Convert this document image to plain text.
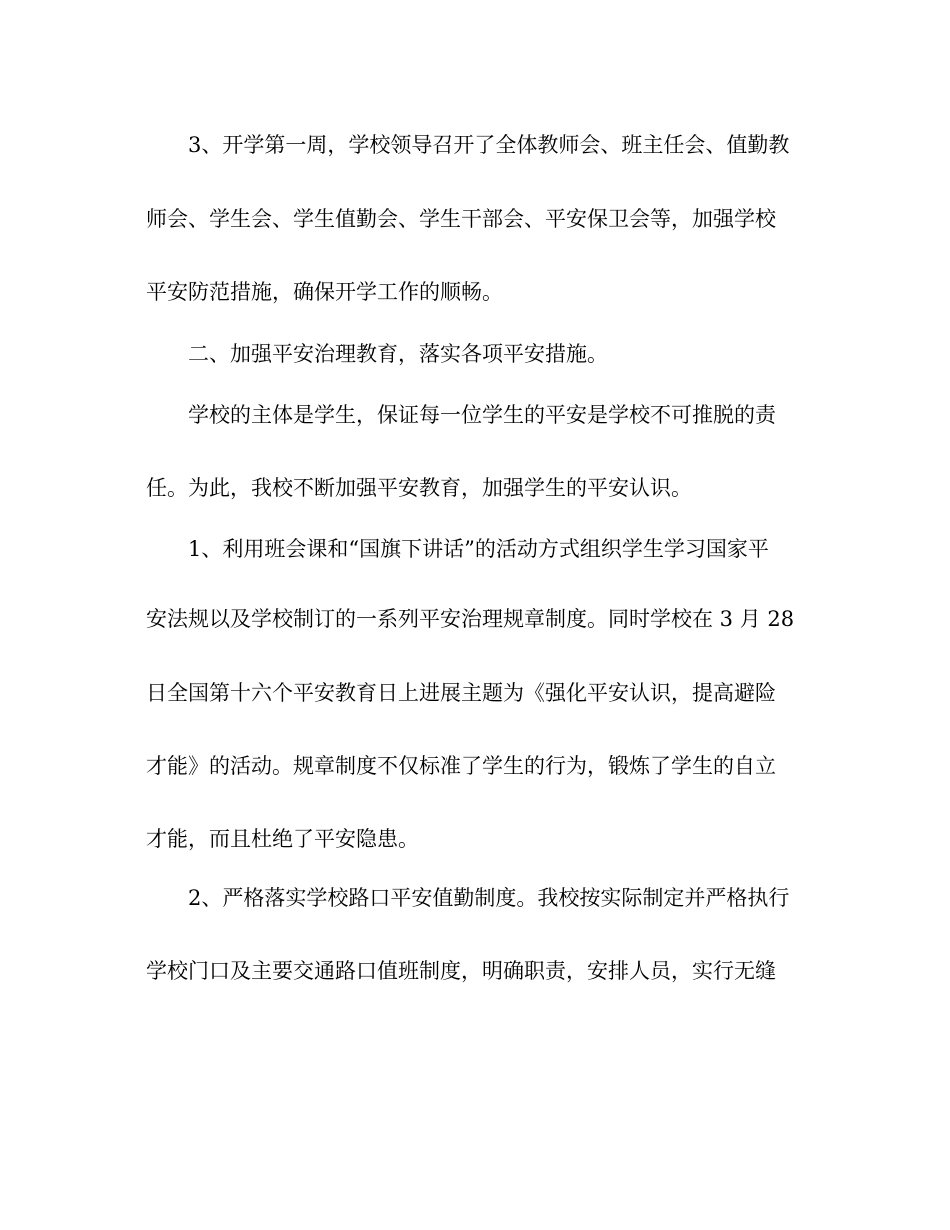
3、开学第一周，学校领导召开了全体教师会、班主任会、值勤教
师会、学生会、学生值勤会、学生干部会、平安保卫会等，加强学校
平安防范措施，确保开学工作的顺畅。
二、加强平安治理教育，落实各项平安措施。
学校的主体是学生，保证每一位学生的平安是学校不可推脱的责
任。为此，我校不断加强平安教育，加强学生的平安认识。
1、利用班会课和“国旗下讲话”的活动方式组织学生学习国家平
安法规以及学校制订的一系列平安治理规章制度。同时学校在 3 月 28
日全国第十六个平安教育日上进展主题为《强化平安认识，提高避险
才能》的活动。规章制度不仅标准了学生的行为，锻炼了学生的自立
才能，而且杜绝了平安隐患。
2、严格落实学校路口平安值勤制度。我校按实际制定并严格执行
学校门口及主要交通路口值班制度，明确职责，安排人员，实行无缝
